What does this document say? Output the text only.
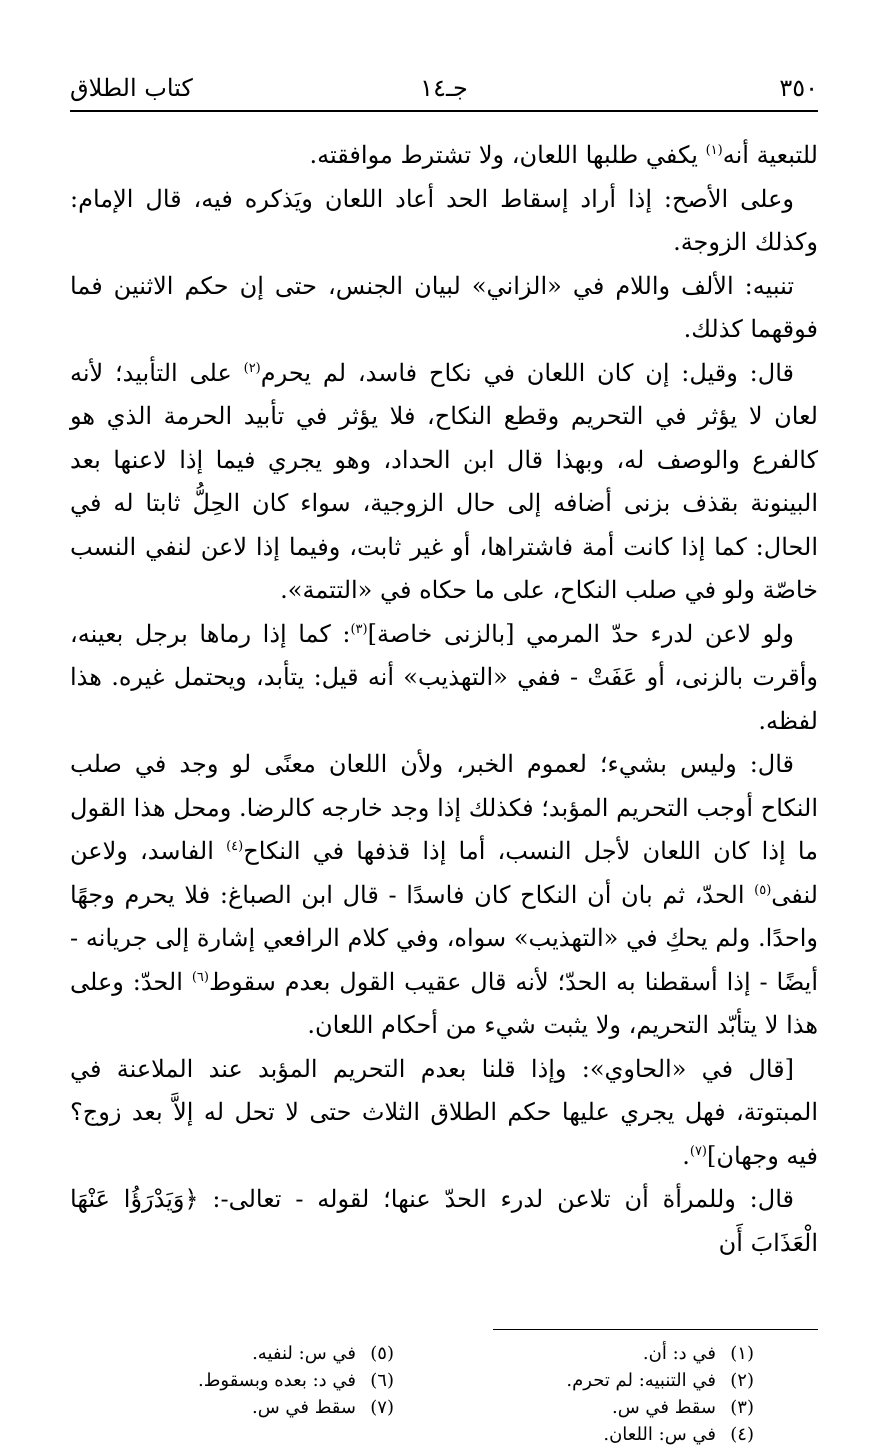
٣٥٠
جـ١٤
كتاب الطلاق

للتبعية أنه$^{(١)}$ يكفي طلبها اللعان، ولا تشترط موافقته.

وعلى الأصح: إذا أراد إسقاط الحد أعاد اللعان ويَذكره فيه، قال الإمام: وكذلك الزوجة.

تنبيه: الألف واللام في «الزاني» لبيان الجنس، حتى إن حكم الاثنين فما فوقهما كذلك.

قال: وقيل: إن كان اللعان في نكاح فاسد، لم يحرم$^{(٢)}$ على التأبيد؛ لأنه لعان لا يؤثر في التحريم وقطع النكاح، فلا يؤثر في تأبيد الحرمة الذي هو كالفرع والوصف له، وبهذا قال ابن الحداد، وهو يجري فيما إذا لاعنها بعد البينونة بقذف بزنى أضافه إلى حال الزوجية، سواء كان الحِلُّ ثابتا له في الحال: كما إذا كانت أمة فاشتراها، أو غير ثابت، وفيما إذا لاعن لنفي النسب خاصّة ولو في صلب النكاح، على ما حكاه في «التتمة».

ولو لاعن لدرء حدّ المرمي [بالزنى خاصة]$^{(٣)}$: كما إذا رماها برجل بعينه، وأقرت بالزنى، أو عَفَتْ - ففي «التهذيب» أنه قيل: يتأبد، ويحتمل غيره. هذا لفظه.

قال: وليس بشيء؛ لعموم الخبر، ولأن اللعان معنًى لو وجد في صلب النكاح أوجب التحريم المؤبد؛ فكذلك إذا وجد خارجه كالرضا. ومحل هذا القول ما إذا كان اللعان لأجل النسب، أما إذا قذفها في النكاح$^{(٤)}$ الفاسد، ولاعن لنفى$^{(٥)}$ الحدّ، ثم بان أن النكاح كان فاسدًا - قال ابن الصباغ: فلا يحرم وجهًا واحدًا. ولم يحكِ في «التهذيب» سواه، وفي كلام الرافعي إشارة إلى جريانه - أيضًا - إذا أسقطنا به الحدّ؛ لأنه قال عقيب القول بعدم سقوط$^{(٦)}$ الحدّ: وعلى هذا لا يتأبّد التحريم، ولا يثبت شيء من أحكام اللعان.

[قال في «الحاوي»: وإذا قلنا بعدم التحريم المؤبد عند الملاعنة في المبتوتة، فهل يجري عليها حكم الطلاق الثلاث حتى لا تحل له إلاَّ بعد زوج؟ فيه وجهان]$^{(٧)}$.

قال: وللمرأة أن تلاعن لدرء الحدّ عنها؛ لقوله - تعالى-: ﴿وَيَدْرَؤُا عَنْهَا الْعَذَابَ أَن

(١)في د: أن.
(٢)في التنبيه: لم تحرم.
(٣)سقط في س.
(٤)في س: اللعان.
(٥)في س: لنفيه.
(٦)في د: بعده وبسقوط.
(٧)سقط في س.
